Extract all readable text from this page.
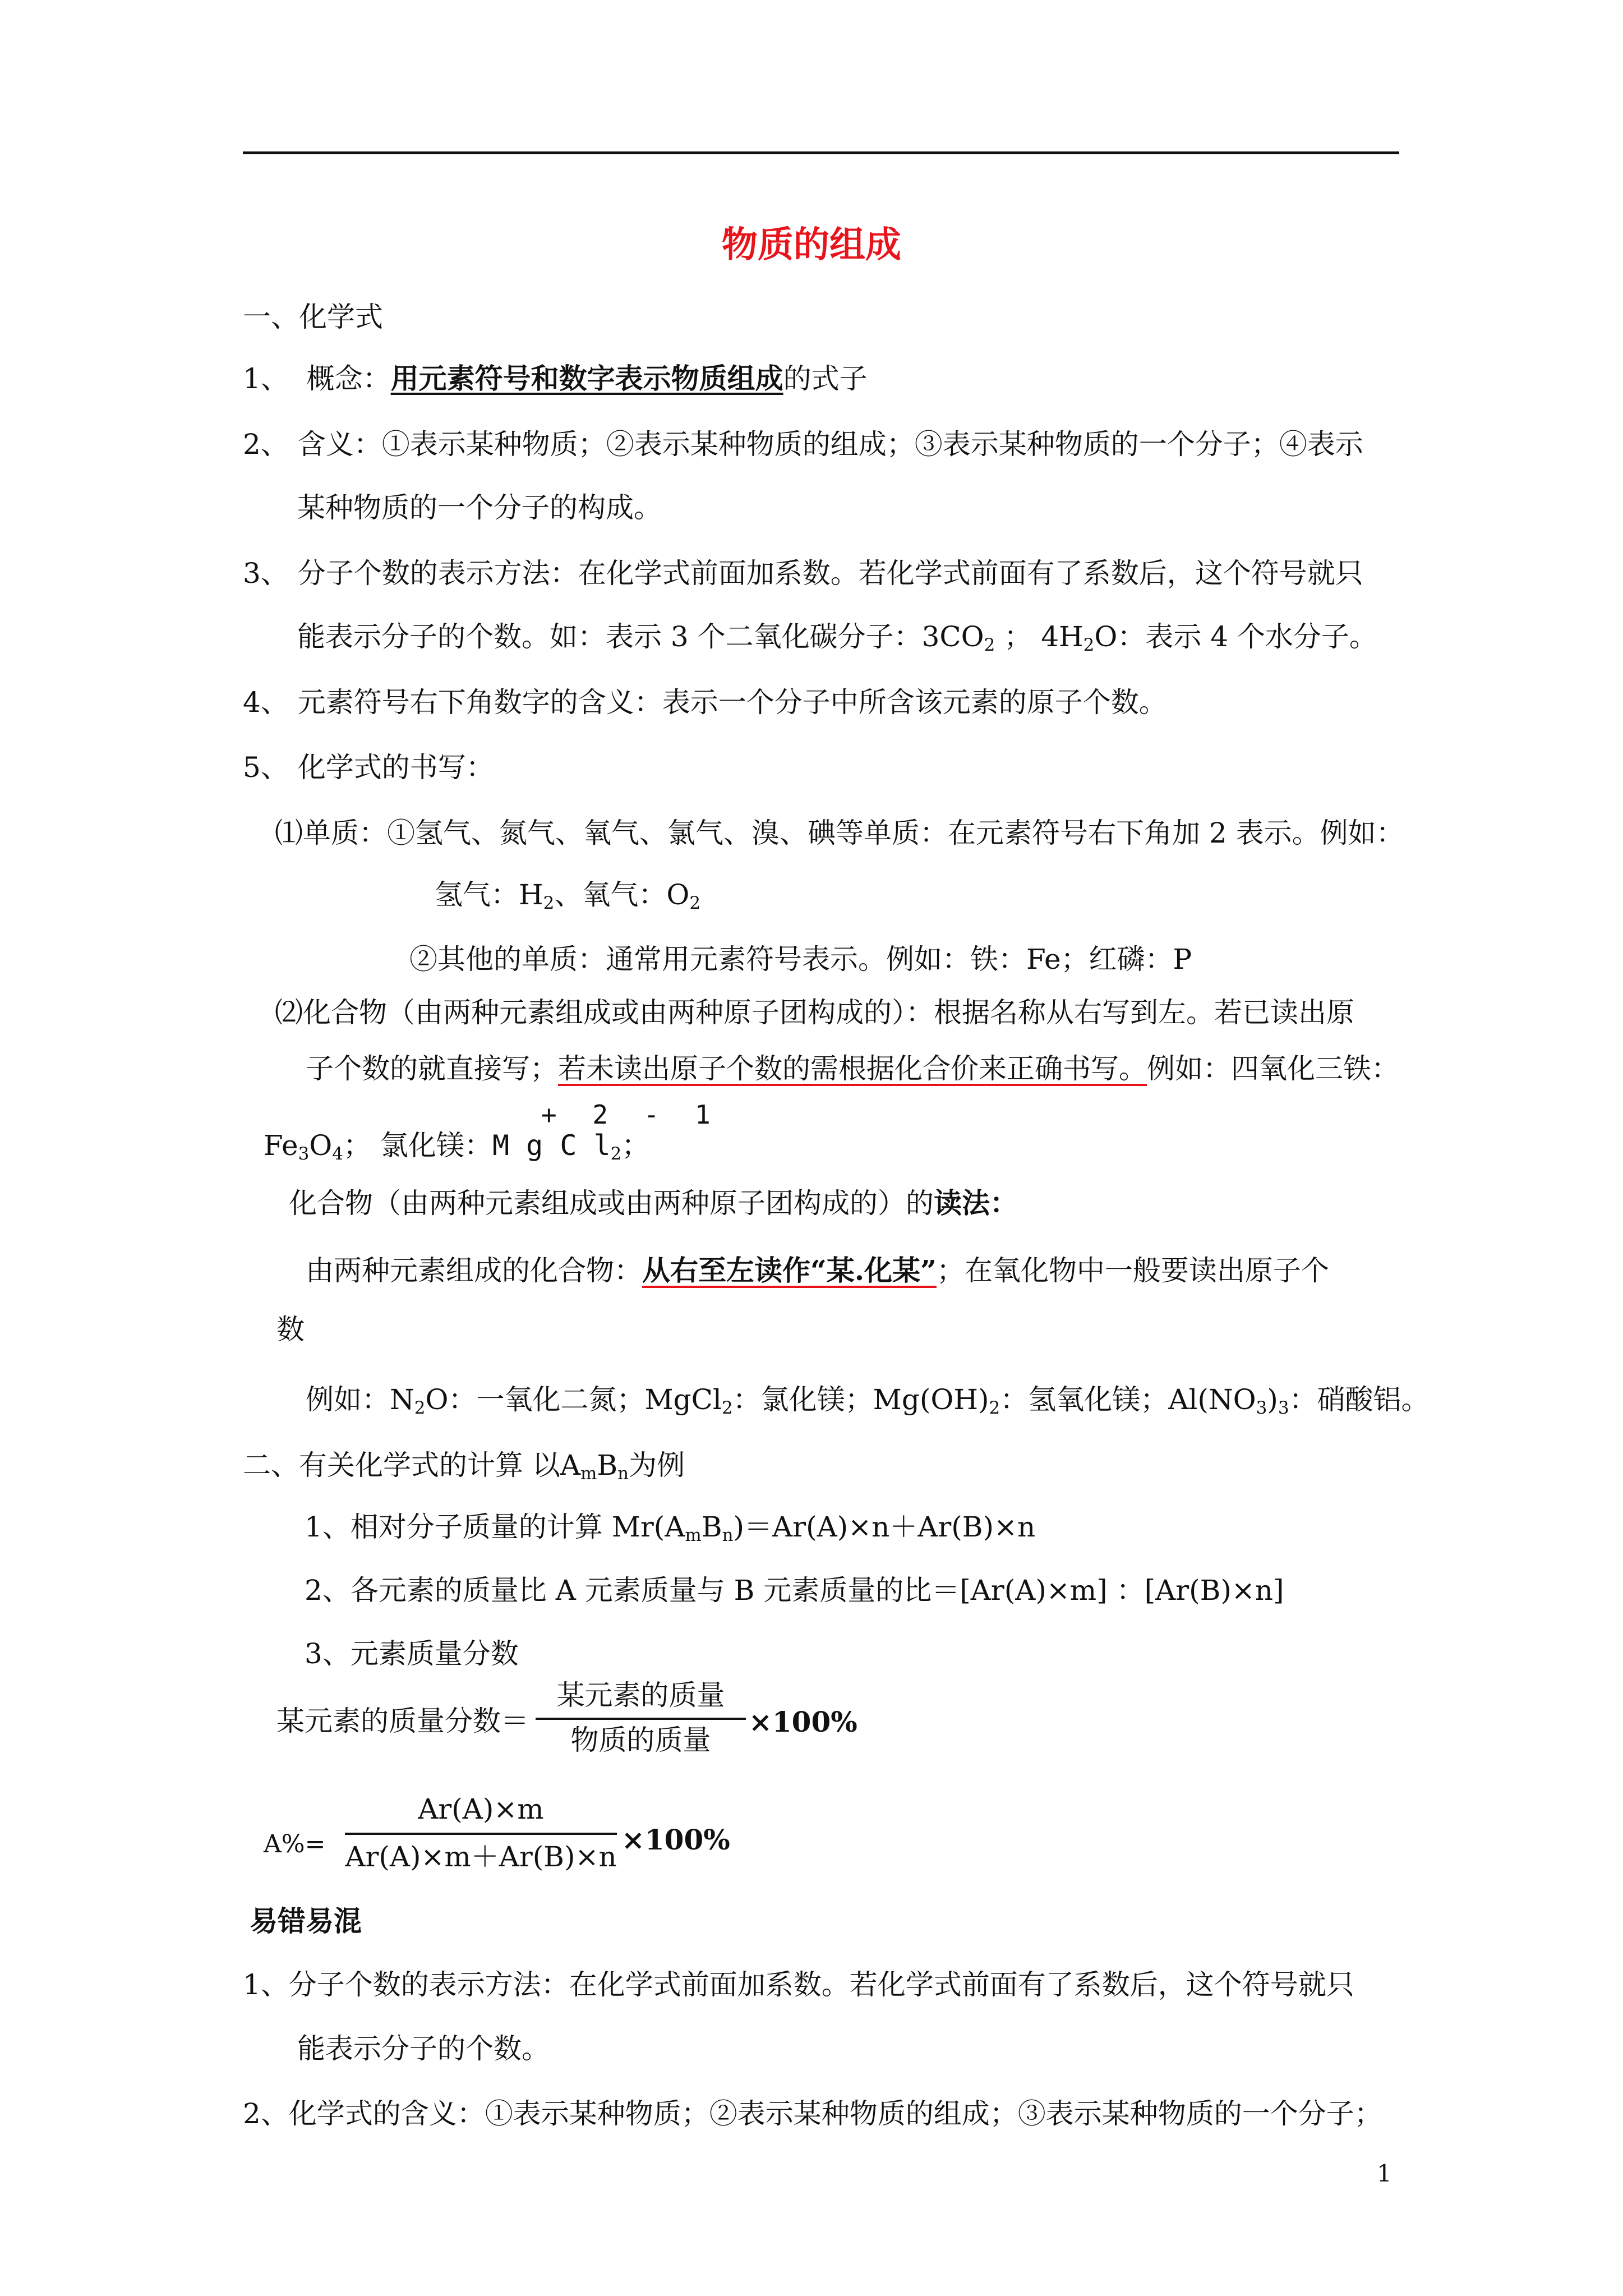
物质的组成
一、化学式
1、 概念：用元素符号和数字表示物质组成的式子
2、 含义：①表示某种物质；②表示某种物质的组成；③表示某种物质的一个分子；④表示
某种物质的一个分子的构成。
3、 分子个数的表示方法：在化学式前面加系数。若化学式前面有了系数后，这个符号就只
能表示分子的个数。如：表示 3 个二氧化碳分子：$3CO_2$ ； $4H_2O$：表示 4 个水分子。
4、 元素符号右下角数字的含义：表示一个分子中所含该元素的原子个数。
5、 化学式的书写：
⑴单质：①氢气、氮气、氧气、氯气、溴、碘等单质：在元素符号右下角加 2 表示。例如：
氢气：$H_2$、氧气：$O_2$
②其他的单质：通常用元素符号表示。例如：铁：Fe；红磷：P
⑵化合物（由两种元素组成或由两种原子团构成的）：根据名称从右写到左。若已读出原
子个数的就直接写；若未读出原子个数的需根据化合价来正确书写。例如：四氧化三铁：
+ 2 - 1
$Fe_3O_4$； 氯化镁：M g C $l_2$；
化合物（由两种元素组成或由两种原子团构成的）的读法：
由两种元素组成的化合物：从右至左读作“某.化某”；在氧化物中一般要读出原子个
数
例如：$N_2O$：一氧化二氮；MgCl$_2$：氯化镁；$Mg(OH)_2$：氢氧化镁；$Al(NO_3)_3$：硝酸铝。
二、有关化学式的计算 以$A_mB_n$为例
1、相对分子质量的计算 $Mr(A_mB_n)=Ar(A)\times n+Ar(B)\times n$
2、各元素的质量比 A 元素质量与 B 元素质量的比＝[Ar(A)×m] ：[Ar(B)×n]
3、元素质量分数
某元素的质量分数＝
某元素的质量
物质的质量
×100%
A%=
Ar(A)×m
Ar(A)×m＋Ar(B)×n
×100%
易错易混
1、分子个数的表示方法：在化学式前面加系数。若化学式前面有了系数后，这个符号就只
能表示分子的个数。
2、化学式的含义：①表示某种物质；②表示某种物质的组成；③表示某种物质的一个分子；
1
